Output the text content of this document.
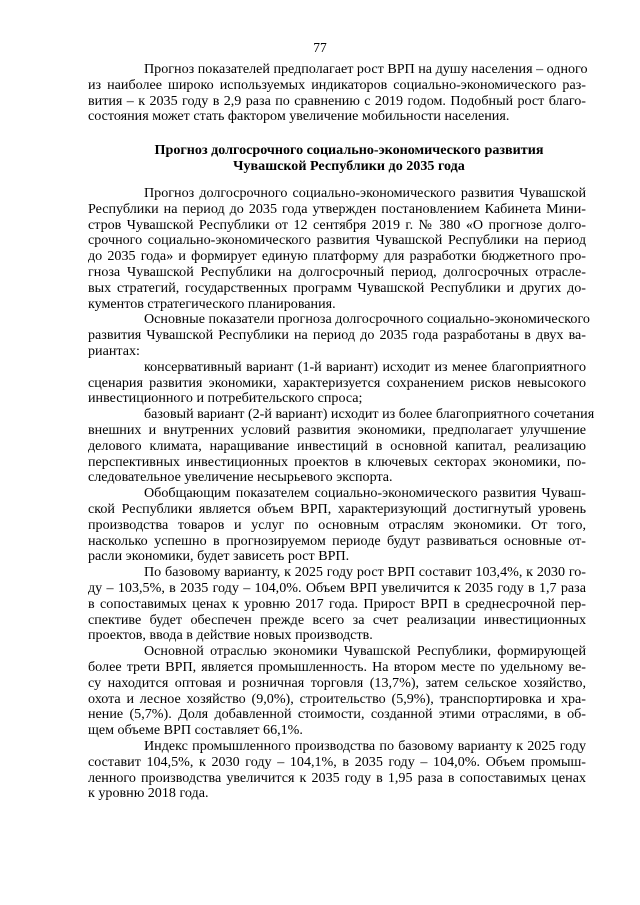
77
Прогноз показателей предполагает рост ВРП на душу населения – одного
из наиболее широко используемых индикаторов социально-экономического раз-
вития – к 2035 году в 2,9 раза по сравнению с 2019 годом. Подобный рост благо-
состояния может стать фактором увеличение мобильности населения.
Прогноз долгосрочного социально-экономического развития
Чувашской Республики до 2035 года
Прогноз долгосрочного социально-экономического развития Чувашской
Республики на период до 2035 года утвержден постановлением Кабинета Мини-
стров Чувашской Республики от 12 сентября 2019 г. № 380 «О прогнозе долго-
срочного социально-экономического развития Чувашской Республики на период
до 2035 года» и формирует единую платформу для разработки бюджетного про-
гноза Чувашской Республики на долгосрочный период, долгосрочных отрасле-
вых стратегий, государственных программ Чувашской Республики и других до-
кументов стратегического планирования.
Основные показатели прогноза долгосрочного социально-экономического
развития Чувашской Республики на период до 2035 года разработаны в двух ва-
риантах:
консервативный вариант (1-й вариант) исходит из менее благоприятного
сценария развития экономики, характеризуется сохранением рисков невысокого
инвестиционного и потребительского спроса;
базовый вариант (2-й вариант) исходит из более благоприятного сочетания
внешних и внутренних условий развития экономики, предполагает улучшение
делового климата, наращивание инвестиций в основной капитал, реализацию
перспективных инвестиционных проектов в ключевых секторах экономики, по-
следовательное увеличение несырьевого экспорта.
Обобщающим показателем социально-экономического развития Чуваш-
ской Республики является объем ВРП, характеризующий достигнутый уровень
производства товаров и услуг по основным отраслям экономики. От того,
насколько успешно в прогнозируемом периоде будут развиваться основные от-
расли экономики, будет зависеть рост ВРП.
По базовому варианту, к 2025 году рост ВРП составит 103,4%, к 2030 го-
ду – 103,5%, в 2035 году – 104,0%. Объем ВРП увеличится к 2035 году в 1,7 раза
в сопоставимых ценах к уровню 2017 года. Прирост ВРП в среднесрочной пер-
спективе будет обеспечен прежде всего за счет реализации инвестиционных
проектов, ввода в действие новых производств.
Основной отраслью экономики Чувашской Республики, формирующей
более трети ВРП, является промышленность. На втором месте по удельному ве-
су находится оптовая и розничная торговля (13,7%), затем сельское хозяйство,
охота и лесное хозяйство (9,0%), строительство (5,9%), транспортировка и хра-
нение (5,7%). Доля добавленной стоимости, созданной этими отраслями, в об-
щем объеме ВРП составляет 66,1%.
Индекс промышленного производства по базовому варианту к 2025 году
составит 104,5%, к 2030 году – 104,1%, в 2035 году – 104,0%. Объем промыш-
ленного производства увеличится к 2035 году в 1,95 раза в сопоставимых ценах
к уровню 2018 года.
